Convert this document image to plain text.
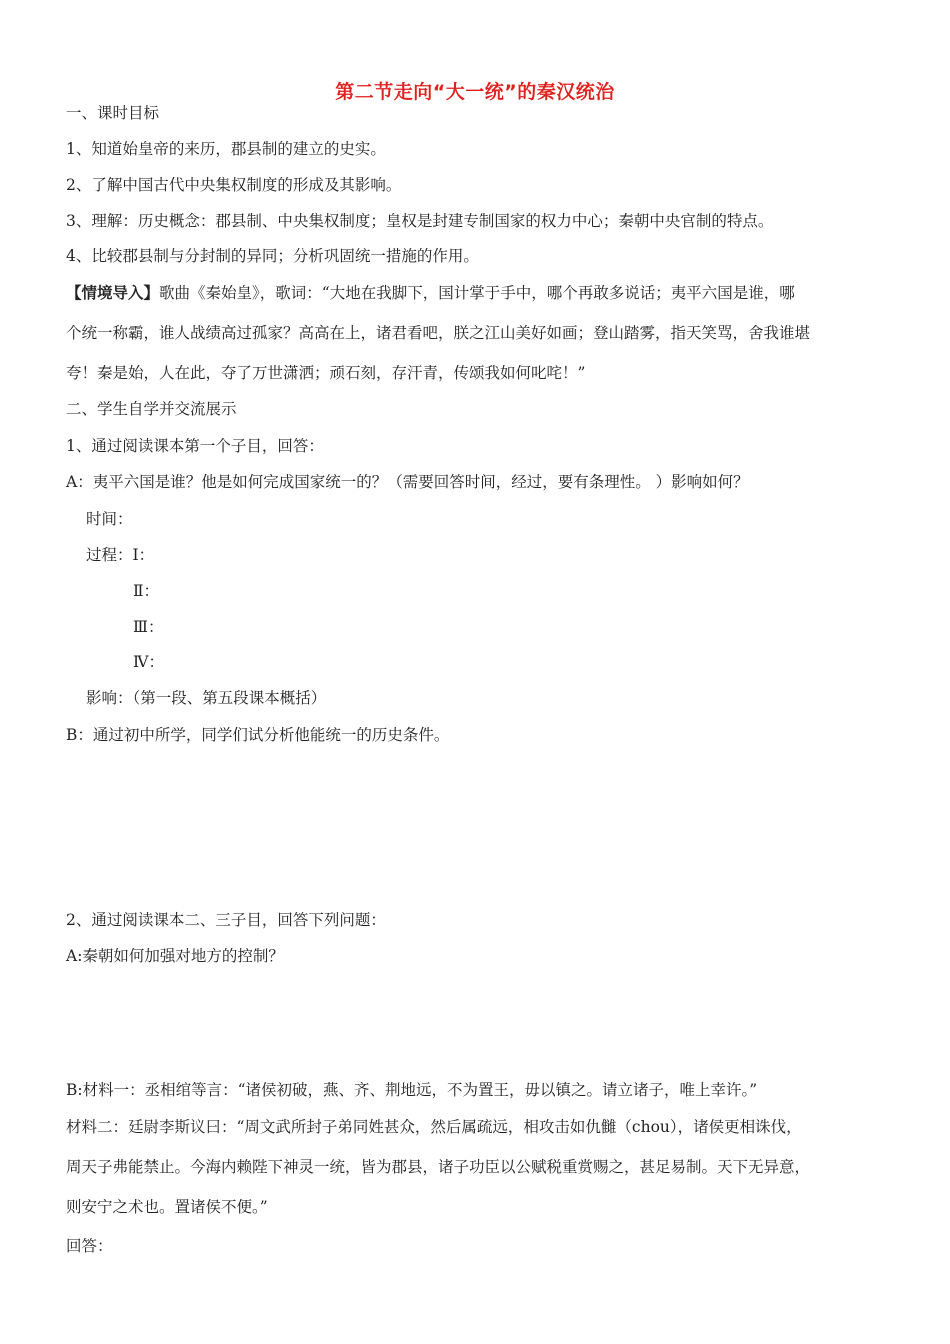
第二节走向“大一统”的秦汉统治
一、课时目标
1、知道始皇帝的来历，郡县制的建立的史实。
2、了解中国古代中央集权制度的形成及其影响。
3、理解：历史概念：郡县制、中央集权制度；皇权是封建专制国家的权力中心；秦朝中央官制的特点。
4、比较郡县制与分封制的异同；分析巩固统一措施的作用。
【情境导入】歌曲《秦始皇》，歌词：“大地在我脚下，国计掌于手中，哪个再敢多说话；夷平六国是谁，哪
个统一称霸，谁人战绩高过孤家？高高在上，诸君看吧，朕之江山美好如画；登山踏雾，指天笑骂，舍我谁堪
夸！秦是始，人在此，夺了万世潇洒；顽石刻，存汗青，传颂我如何叱咤！”
二、学生自学并交流展示
1、通过阅读课本第一个子目，回答：
A：夷平六国是谁？他是如何完成国家统一的？（需要回答时间，经过，要有条理性。 ）影响如何？
时间：
过程：Ⅰ：
Ⅱ：
Ⅲ：
Ⅳ：
影响：（第一段、第五段课本概括）
B：通过初中所学，同学们试分析他能统一的历史条件。
2、通过阅读课本二、三子目，回答下列问题：
A:秦朝如何加强对地方的控制？
B:材料一：丞相绾等言：“诸侯初破，燕、齐、荆地远，不为置王，毋以镇之。请立诸子，唯上幸许。”
材料二：廷尉李斯议曰：“周文武所封子弟同姓甚众，然后属疏远，相攻击如仇雠（chou），诸侯更相诛伐，
周天子弗能禁止。今海内赖陛下神灵一统，皆为郡县，诸子功臣以公赋税重赏赐之，甚足易制。天下无异意，
则安宁之术也。置诸侯不便。”
回答：
